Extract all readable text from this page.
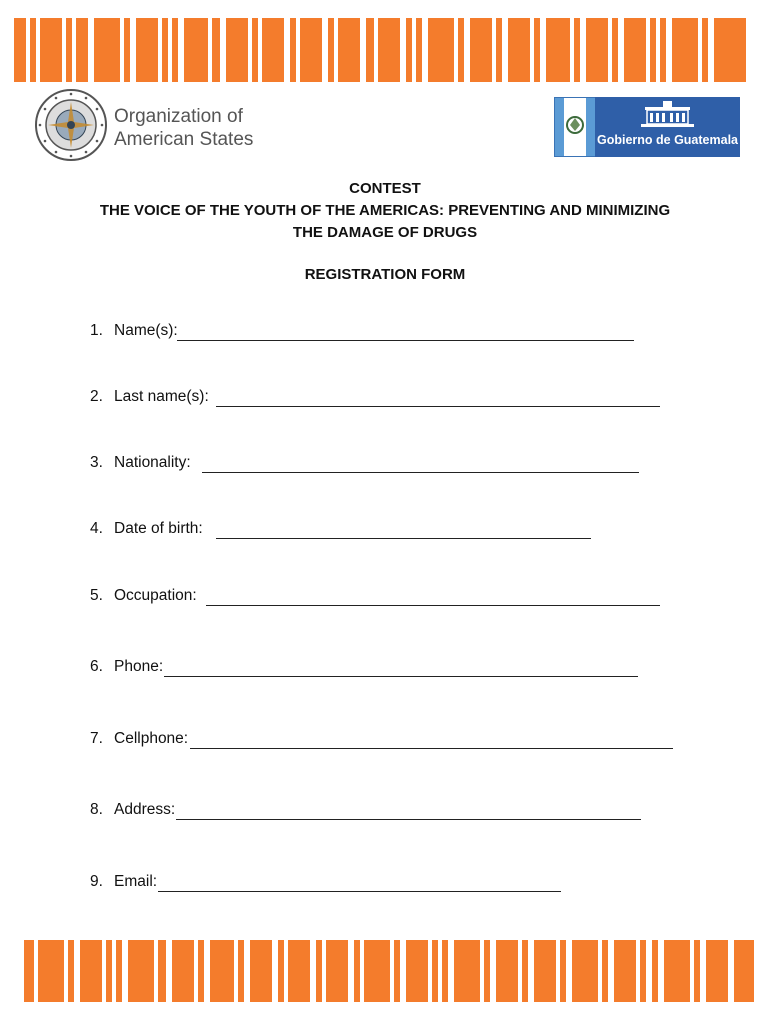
Organization of
American States	Gobierno de Guatemala
CONTEST
THE VOICE OF THE YOUTH OF THE AMERICAS: PREVENTING AND MINIMIZING
THE DAMAGE OF DRUGS
REGISTRATION FORM
1. Name(s):
2. Last name(s):
3. Nationality:
4. Date of birth:
5. Occupation:
6. Phone:
7. Cellphone:
8. Address:
9. Email:
